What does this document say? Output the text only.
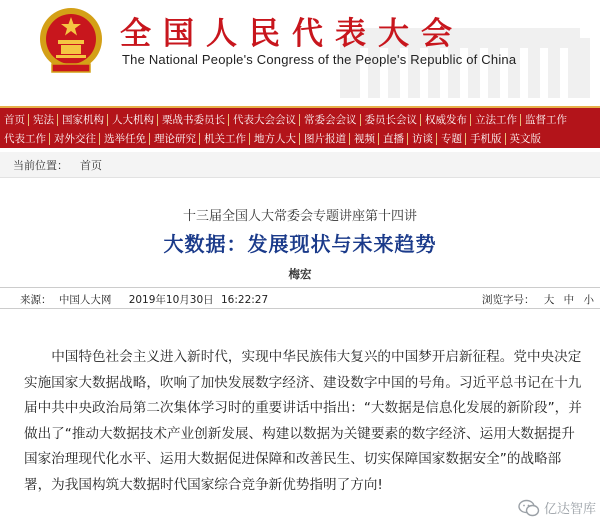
全国人民代表大会
The National People's Congress of the People's Republic of China
首页 宪法 国家机构 人大机构 栗战书委员长 代表大会会议 常委会会议 委员长会议 权威发布 立法工作 监督工作
代表工作 对外交往 选举任免 理论研究 机关工作 地方人大 图片报道 视频 直播 访谈 专题 手机版 英文版
当前位置： 首页
十三届全国人大常委会专题讲座第十四讲
大数据：发展现状与未来趋势
梅宏
来源： 中国人大网 2019年10月30日 16:22:27	浏览字号： 大 中 小

中国特色社会主义进入新时代，实现中华民族伟大复兴的中国梦开启新征程。党中央决定实施国家大数据战略，吹响了加快发展数字经济、建设数字中国的号角。习近平总书记在十九届中共中央政治局第二次集体学习时的重要讲话中指出：“大数据是信息化发展的新阶段”，并做出了“推动大数据技术产业创新发展、构建以数据为关键要素的数字经济、运用大数据提升国家治理现代化水平、运用大数据促进保障和改善民生、切实保障国家数据安全”的战略部署，为我国构筑大数据时代国家综合竞争新优势指明了方向!

亿达智库
